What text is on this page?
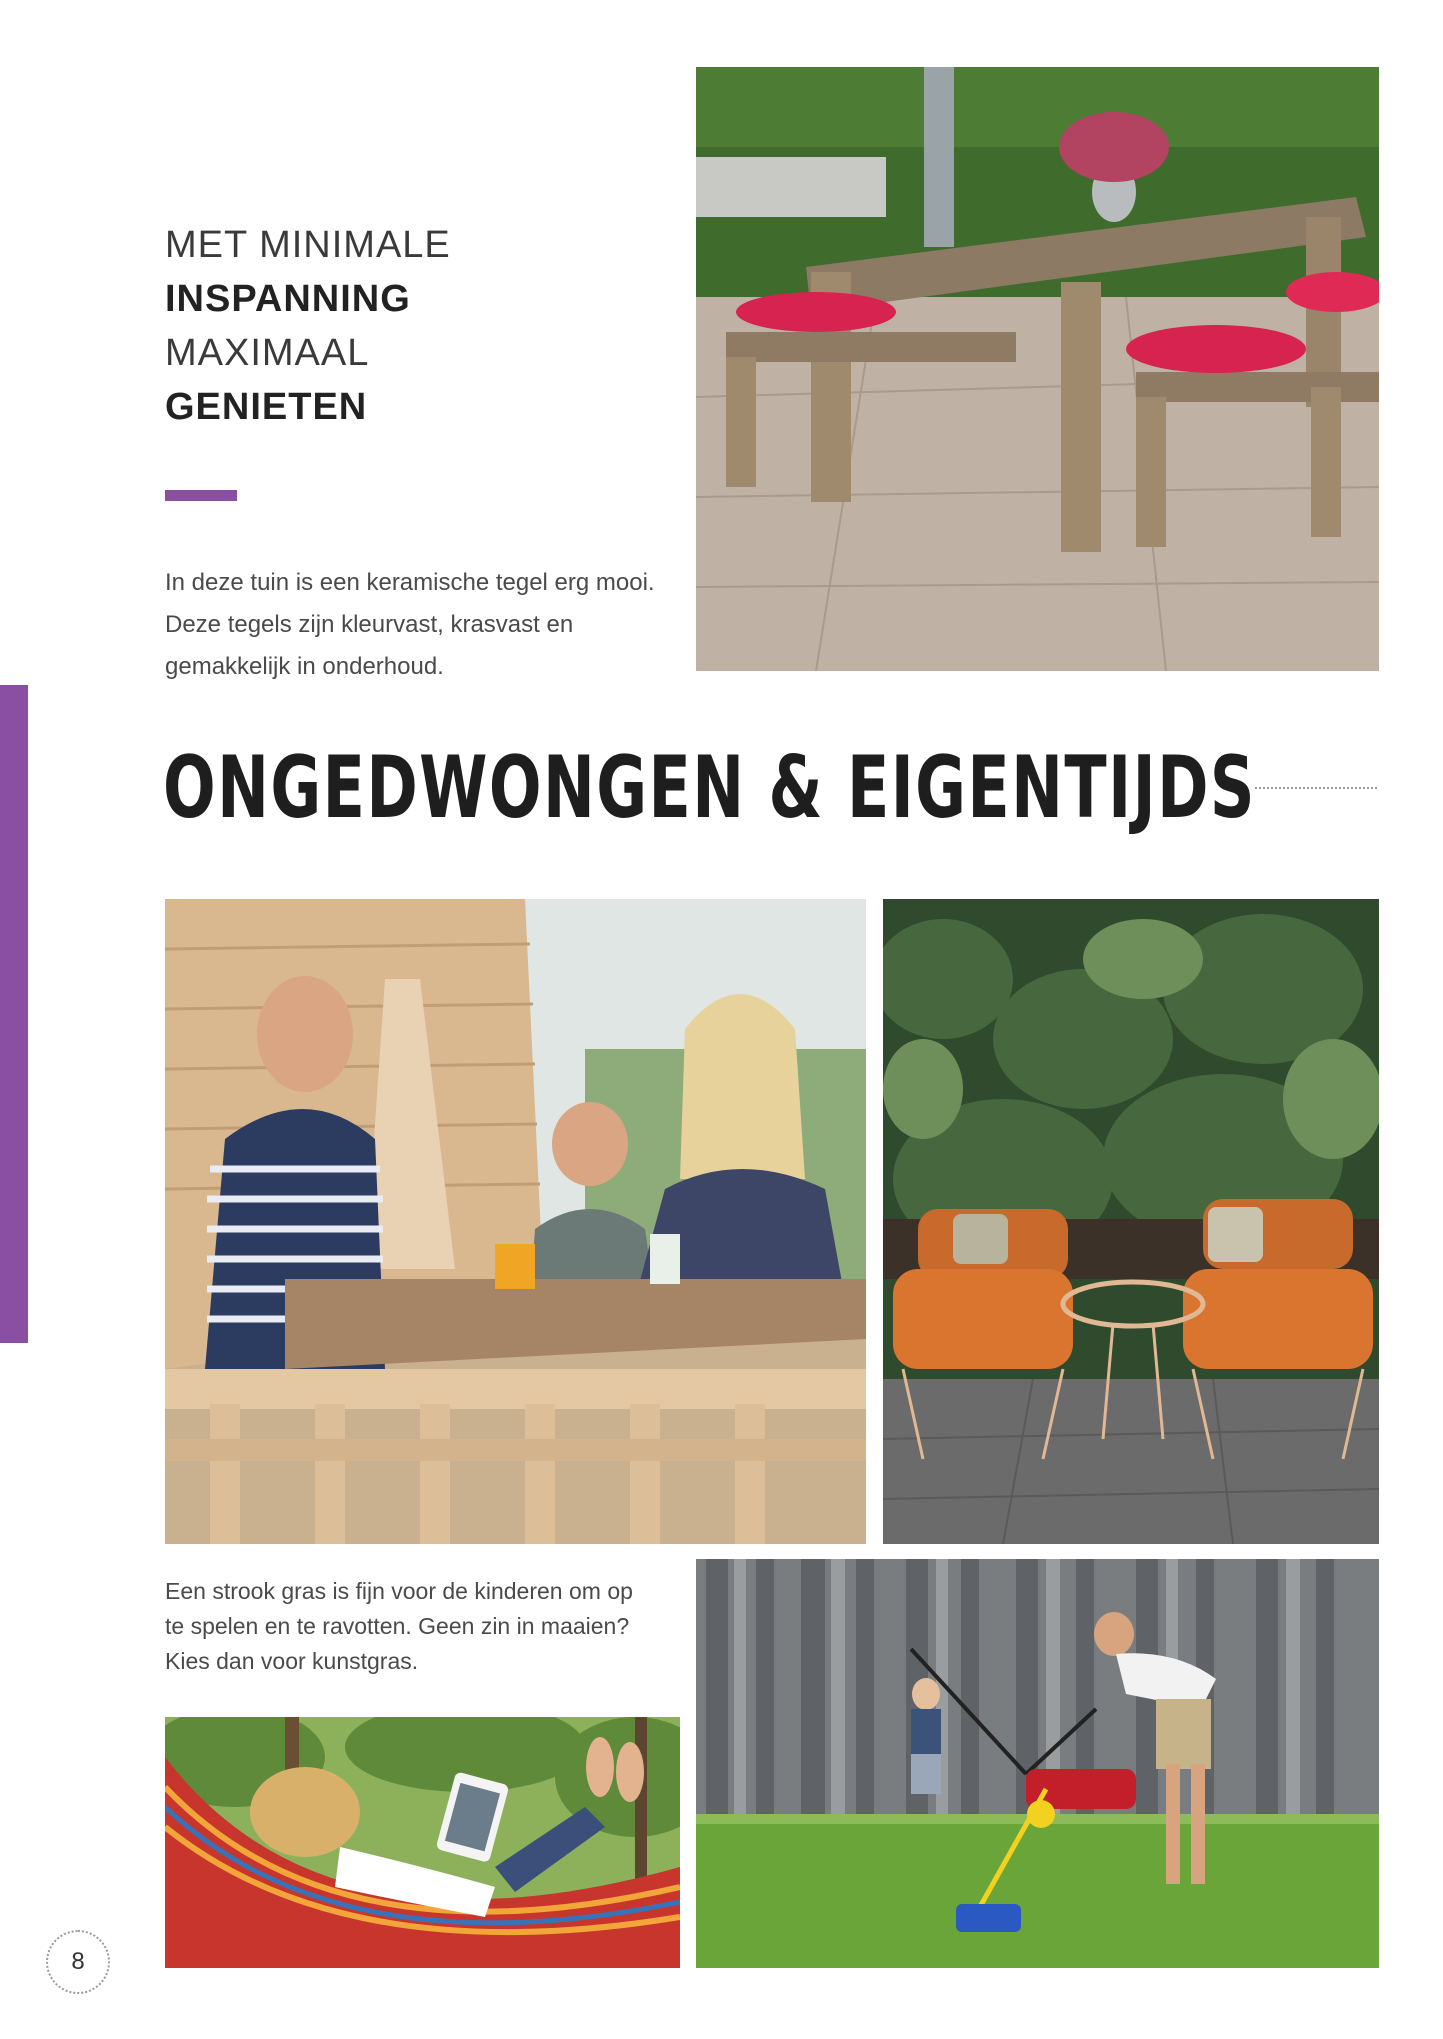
MET MINIMALE
INSPANNING
MAXIMAAL
GENIETEN
In deze tuin is een keramische tegel erg mooi. Deze tegels zijn kleurvast, krasvast en gemakkelijk in onderhoud.
ONGEDWONGEN & EIGENTIJDS
Een strook gras is fijn voor de kinderen om op te spelen en te ravotten. Geen zin in maaien? Kies dan voor kunstgras.
8
